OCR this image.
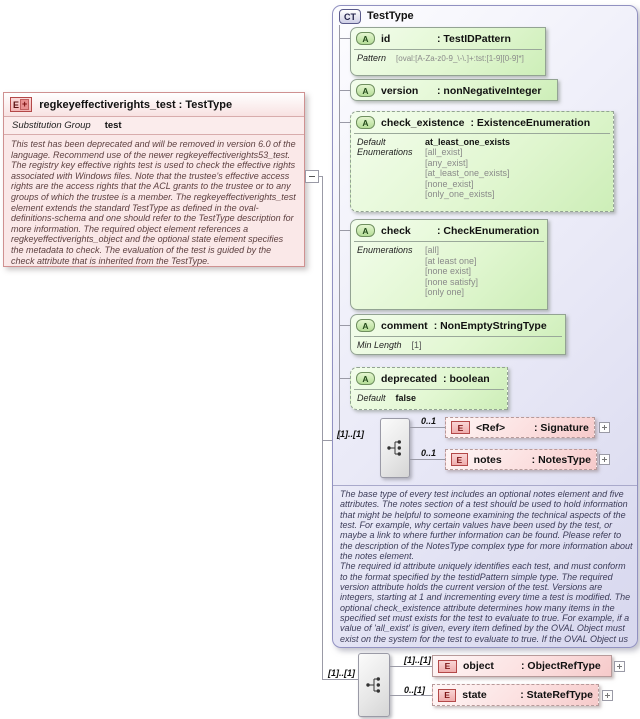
E + regkeyeffectiverights_test : TestType
Substitution Group test
This test has been deprecated and will be removed in version 6.0 of the language. Recommend use of the newer regkeyeffectiverights53_test. The registry key effective rights test is used to check the effective rights associated with Windows files. Note that the trustee's effective access rights are the access rights that the ACL grants to the trustee or to any groups of which the trustee is a member. The regkeyeffectiverights_test element extends the standard TestType as defined in the oval-definitions-schema and one should refer to the TestType description for more information. The required object element references a regkeyeffectiverights_object and the optional state element specifies the metadata to check. The evaluation of the test is guided by the check attribute that is inherited from the TestType.
CT	TestType
A	id	: TestIDPattern
Pattern [oval:[A-Za-z0-9_\-\.]+:tst:[1-9][0-9]*]
A	version	: nonNegativeInteger
A	check_existence : ExistenceEnumeration
Default	at_least_one_exists
Enumerations	[all_exist]
[any_exist]
[at_least_one_exists]
[none_exist]
[only_one_exists]
A	check	: CheckEnumeration
Enumerations	[all]
[at least one]
[none exist]
[none satisfy]
[only one]
A	comment : NonEmptyStringType
Min Length [1]
A	deprecated : boolean
Default false
[1]..[1]
0..1
0..1
E	<Ref>	: Signature
E	notes	: NotesType
The base type of every test includes an optional notes element and five attributes. The notes section of a test should be used to hold information that might be helpful to someone examining the technical aspects of the test. For example, why certain values have been used by the test, or maybe a link to where further information can be found. Please refer to the description of the NotesType complex type for more information about the notes element.
The required id attribute uniquely identifies each test, and must conform to the format specified by the testidPattern simple type. The required version attribute holds the current version of the test. Versions are integers, starting at 1 and incrementing every time a test is modified. The optional check_existence attribute determines how many items in the specified set must exists for the test to evaluate to true. For example, if a value of 'all_exist' is given, every item defined by the OVAL Object must exist on the system for the test to evaluate to true. If the OVAL Object us
[1]..[1]
[1]..[1]
0..[1]
E	object	: ObjectRefType
E	state	: StateRefType
